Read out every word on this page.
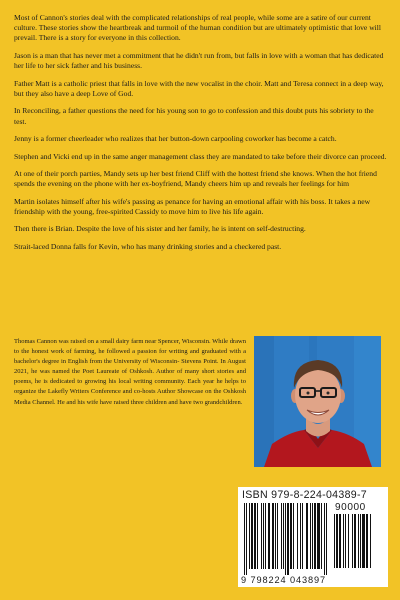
Most of Cannon's stories deal with the complicated relationships of real people, while some are a satire of our current culture. These stories show the heartbreak and turmoil of the human condition but are ultimately optimistic that love will prevail. There is a story for everyone in this collection.

Jason is a man that has never met a commitment that he didn't run from, but falls in love with a woman that has dedicated her life to her sick father and his business.

Father Matt is a catholic priest that falls in love with the new vocalist in the choir. Matt and Teresa connect in a deep way, but they also have a deep Love of God.

In Reconciling, a father questions the need for his young son to go to confession and this doubt puts his sobriety to the test.

Jenny is a former cheerleader who realizes that her button-down carpooling coworker has become a catch.

Stephen and Vicki end up in the same anger management class they are mandated to take before their divorce can proceed.

At one of their porch parties, Mandy sets up her best friend Cliff with the hottest friend she knows. When the hot friend spends the evening on the phone with her ex-boyfriend, Mandy cheers him up and reveals her feelings for him

Martin isolates himself after his wife's passing as penance for having an emotional affair with his boss. It takes a new friendship with the young, free-spirited Cassidy to move him to live his life again.

Then there is Brian. Despite the love of his sister and her family, he is intent on self-destructing.

Strait-laced Donna falls for Kevin, who has many drinking stories and a checkered past.

Thomas Cannon was raised on a small dairy farm near Spencer, Wisconsin. While drawn to the honest work of farming, he followed a passion for writing and graduated with a bachelor's degree in English from the University of Wisconsin- Stevens Point. In August 2021, he was named the Poet Laureate of Oshkosh. Author of many short stories and poems, he is dedicated to growing his local writing community. Each year he helps to organize the Lakefly Writers Conference and co-hosts Author Showcase on the Oshkosh Media Channel. He and his wife have raised three children and have two grandchildren.

ISBN 979-8-224-04389-7
90000
9 798224 043897
